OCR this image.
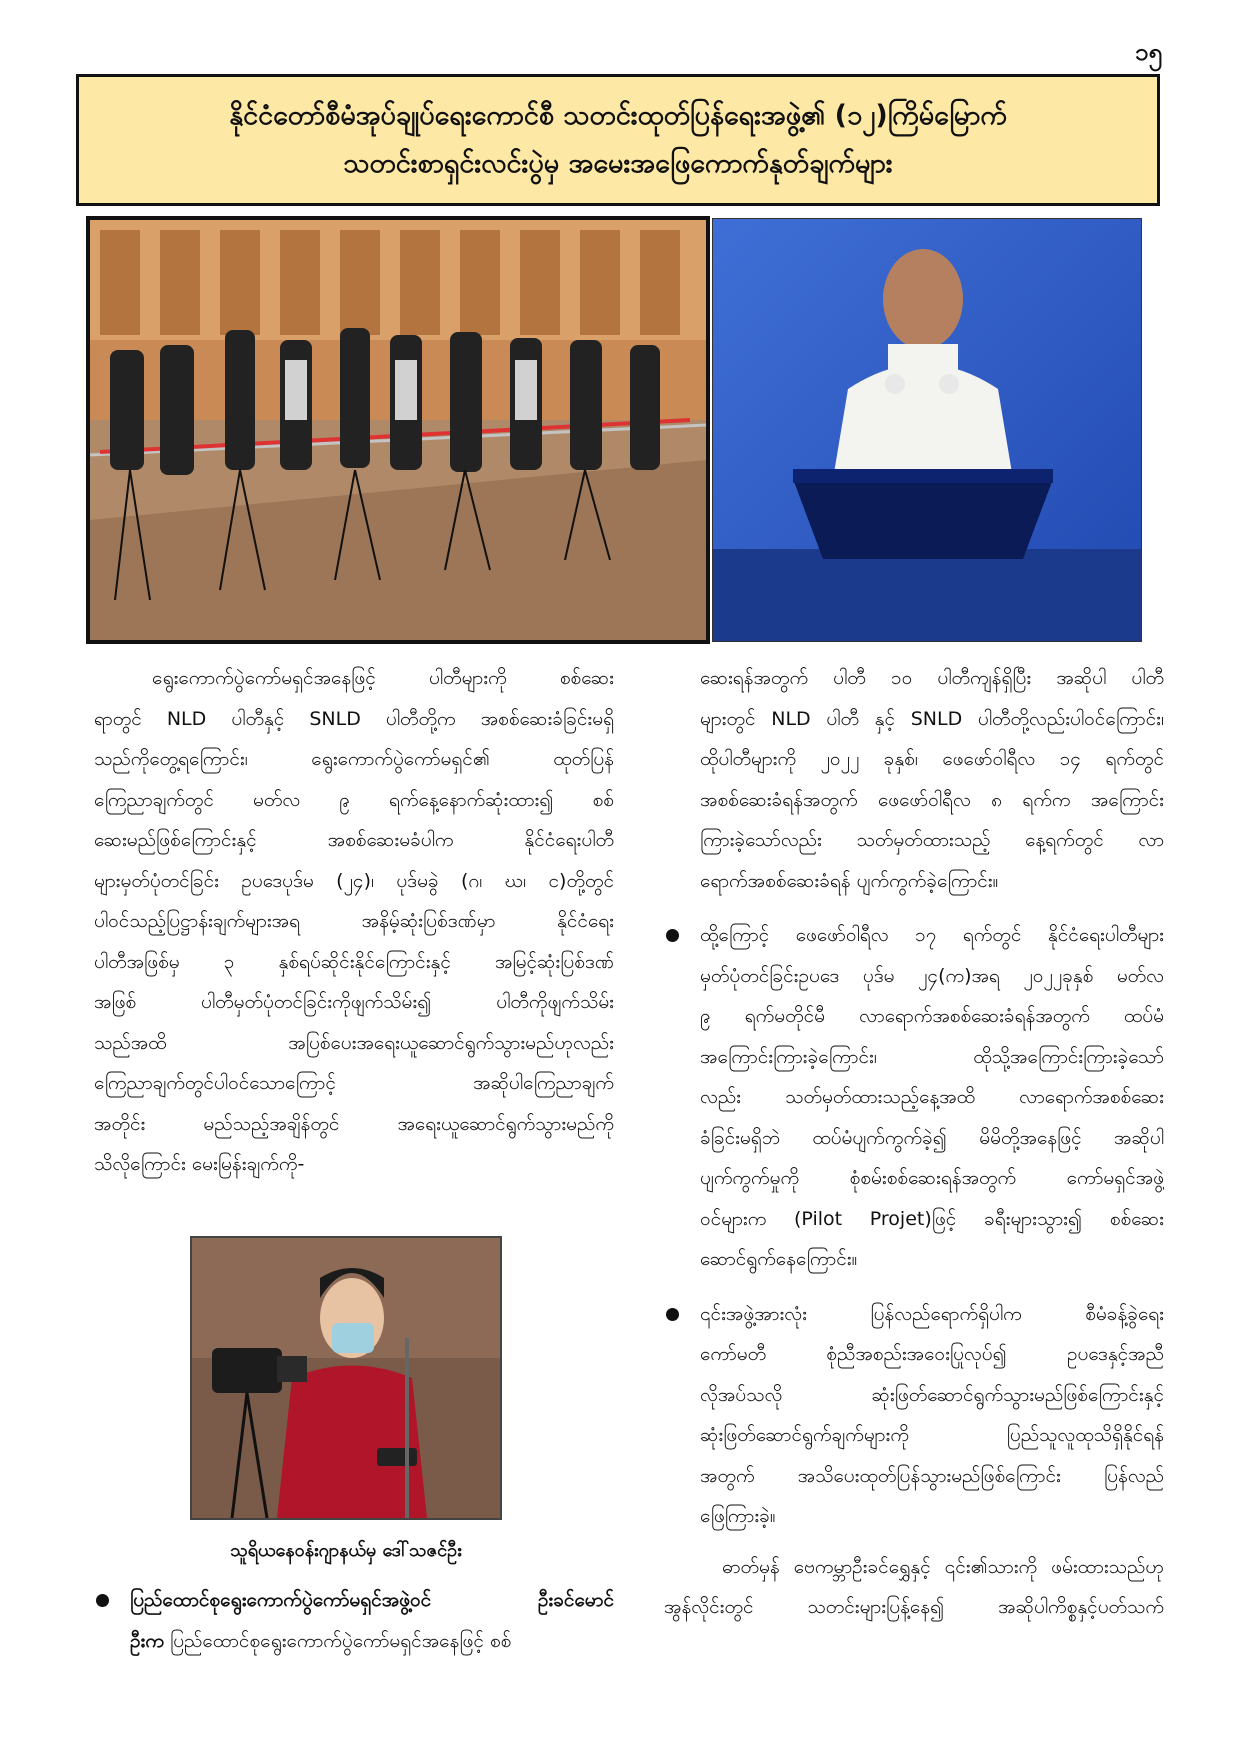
၁၅
နိုင်ငံတော်စီမံအုပ်ချုပ်ရေးကောင်စီ သတင်းထုတ်ပြန်ရေးအဖွဲ့၏ (၁၂)ကြိမ်မြောက်
သတင်းစာရှင်းလင်းပွဲမှ အမေးအဖြေကောက်နုတ်ချက်များ

ရွေးကောက်ပွဲကော်မရှင်အနေဖြင့် ပါတီများကို စစ်ဆေး
ရာတွင် NLD ပါတီနှင့် SNLD ပါတီတို့က အစစ်ဆေးခံခြင်းမရှိ
သည်ကိုတွေ့ရကြောင်း၊ ရွေးကောက်ပွဲကော်မရှင်၏ ထုတ်ပြန်
ကြေညာချက်တွင် မတ်လ ၉ ရက်နေ့နောက်ဆုံးထား၍ စစ်
ဆေးမည်ဖြစ်ကြောင်းနှင့် အစစ်ဆေးမခံပါက နိုင်ငံရေးပါတီ
များမှတ်ပုံတင်ခြင်း ဥပဒေပုဒ်မ (၂၄)၊ ပုဒ်မခွဲ (ဂ၊ ဃ၊ င)တို့တွင်
ပါဝင်သည့်ပြဋ္ဌာန်းချက်များအရ အနိမ့်ဆုံးပြစ်ဒဏ်မှာ နိုင်ငံရေး
ပါတီအဖြစ်မှ ၃ နှစ်ရပ်ဆိုင်းနိုင်ကြောင်းနှင့် အမြင့်ဆုံးပြစ်ဒဏ်
အဖြစ် ပါတီမှတ်ပုံတင်ခြင်းကိုဖျက်သိမ်း၍ ပါတီကိုဖျက်သိမ်း
သည်အထိ အပြစ်ပေးအရေးယူဆောင်ရွက်သွားမည်ဟုလည်း
ကြေညာချက်တွင်ပါဝင်သောကြောင့် အဆိုပါကြေညာချက်
အတိုင်း မည်သည့်အချိန်တွင် အရေးယူဆောင်ရွက်သွားမည်ကို
သိလိုကြောင်း မေးမြန်းချက်ကို-

သူရိယနေဝန်းဂျာနယ်မှ ဒေါ်သဇင်ဦး
ပြည်ထောင်စုရွေးကောက်ပွဲကော်မရှင်အဖွဲ့ဝင် ဦးခင်မောင်
ဦးက ပြည်ထောင်စုရွေးကောက်ပွဲကော်မရှင်အနေဖြင့် စစ်

ဆေးရန်အတွက် ပါတီ ၁၀ ပါတီကျန်ရှိပြီး အဆိုပါ ပါတီ
များတွင် NLD ပါတီ နှင့် SNLD ပါတီတို့လည်းပါဝင်ကြောင်း၊
ထိုပါတီများကို ၂၀၂၂ ခုနှစ်၊ ဖေဖော်ဝါရီလ ၁၄ ရက်တွင်
အစစ်ဆေးခံရန်အတွက် ဖေဖော်ဝါရီလ ၈ ရက်က အကြောင်း
ကြားခဲ့သော်လည်း သတ်မှတ်ထားသည့် နေ့ရက်တွင် လာ
ရောက်အစစ်ဆေးခံရန် ပျက်ကွက်ခဲ့ကြောင်း။

ထို့ကြောင့် ဖေဖော်ဝါရီလ ၁၇ ရက်တွင် နိုင်ငံရေးပါတီများ
မှတ်ပုံတင်ခြင်းဥပဒေ ပုဒ်မ ၂၄(က)အရ ၂၀၂၂ခုနှစ် မတ်လ
၉ ရက်မတိုင်မီ လာရောက်အစစ်ဆေးခံရန်အတွက် ထပ်မံ
အကြောင်းကြားခဲ့ကြောင်း၊ ထိုသို့အကြောင်းကြားခဲ့သော်
လည်း သတ်မှတ်ထားသည့်နေ့အထိ လာရောက်အစစ်ဆေး
ခံခြင်းမရှိဘဲ ထပ်မံပျက်ကွက်ခဲ့၍ မိမိတို့အနေဖြင့် အဆိုပါ
ပျက်ကွက်မှုကို စုံစမ်းစစ်ဆေးရန်အတွက် ကော်မရှင်အဖွဲ့
ဝင်များက (Pilot Projet)ဖြင့် ခရီးများသွား၍ စစ်ဆေး
ဆောင်ရွက်နေကြောင်း။
၎င်းအဖွဲ့အားလုံး ပြန်လည်ရောက်ရှိပါက စီမံခန့်ခွဲရေး
ကော်မတီ စုံညီအစည်းအဝေးပြုလုပ်၍ ဥပဒေနှင့်အညီ
လိုအပ်သလို ဆုံးဖြတ်ဆောင်ရွက်သွားမည်ဖြစ်ကြောင်းနှင့်
ဆုံးဖြတ်ဆောင်ရွက်ချက်များကို ပြည်သူလူထုသိရှိနိုင်ရန်
အတွက် အသိပေးထုတ်ပြန်သွားမည်ဖြစ်ကြောင်း ပြန်လည်
ဖြေကြားခဲ့။

ဓာတ်မှန် ဗေကမ္ဘာဦးခင်ရွှေနှင့် ၎င်း၏သားကို ဖမ်းထားသည်ဟု
အွန်လိုင်းတွင် သတင်းများပြန့်နေ၍ အဆိုပါကိစ္စနှင့်ပတ်သက်
